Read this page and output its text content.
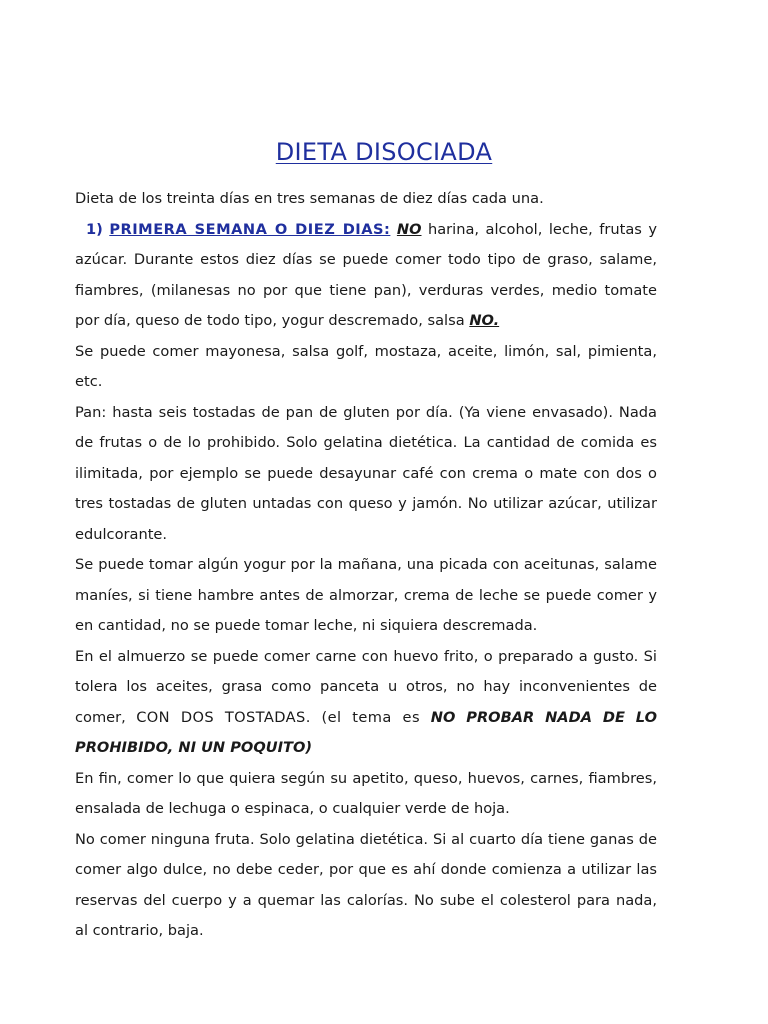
DIETA DISOCIADA

Dieta de los treinta días en tres semanas de diez días cada una.

1) PRIMERA SEMANA O DIEZ DIAS: NO harina, alcohol, leche, frutas y azúcar. Durante estos diez días se puede comer todo tipo de graso, salame, fiambres, (milanesas no por que tiene pan), verduras verdes, medio tomate por día, queso de todo tipo, yogur descremado, salsa NO.

Se puede comer mayonesa, salsa golf, mostaza, aceite, limón, sal, pimienta, etc.

Pan: hasta seis tostadas de pan de gluten por día. (Ya viene envasado). Nada de frutas o de lo prohibido. Solo gelatina dietética. La cantidad de comida es ilimitada, por ejemplo se puede desayunar café con crema o mate con dos o tres tostadas de gluten untadas con queso y jamón. No utilizar azúcar, utilizar edulcorante.

Se puede tomar algún yogur por la mañana, una picada con aceitunas, salame maníes, si tiene hambre antes de almorzar, crema de leche se puede comer y en cantidad, no se puede tomar leche, ni siquiera descremada.

En el almuerzo se puede comer carne con huevo frito, o preparado a gusto. Si tolera los aceites, grasa como panceta u otros, no hay inconvenientes de comer, CON DOS TOSTADAS. (el tema es NO PROBAR NADA DE LO PROHIBIDO, NI UN POQUITO)

En fin, comer lo que quiera según su apetito, queso, huevos, carnes, fiambres, ensalada de lechuga o espinaca, o cualquier verde de hoja.

No comer ninguna fruta. Solo gelatina dietética. Si al cuarto día tiene ganas de comer algo dulce, no debe ceder, por que es ahí donde comienza a utilizar las reservas del cuerpo y a quemar las calorías. No sube el colesterol para nada, al contrario, baja.
